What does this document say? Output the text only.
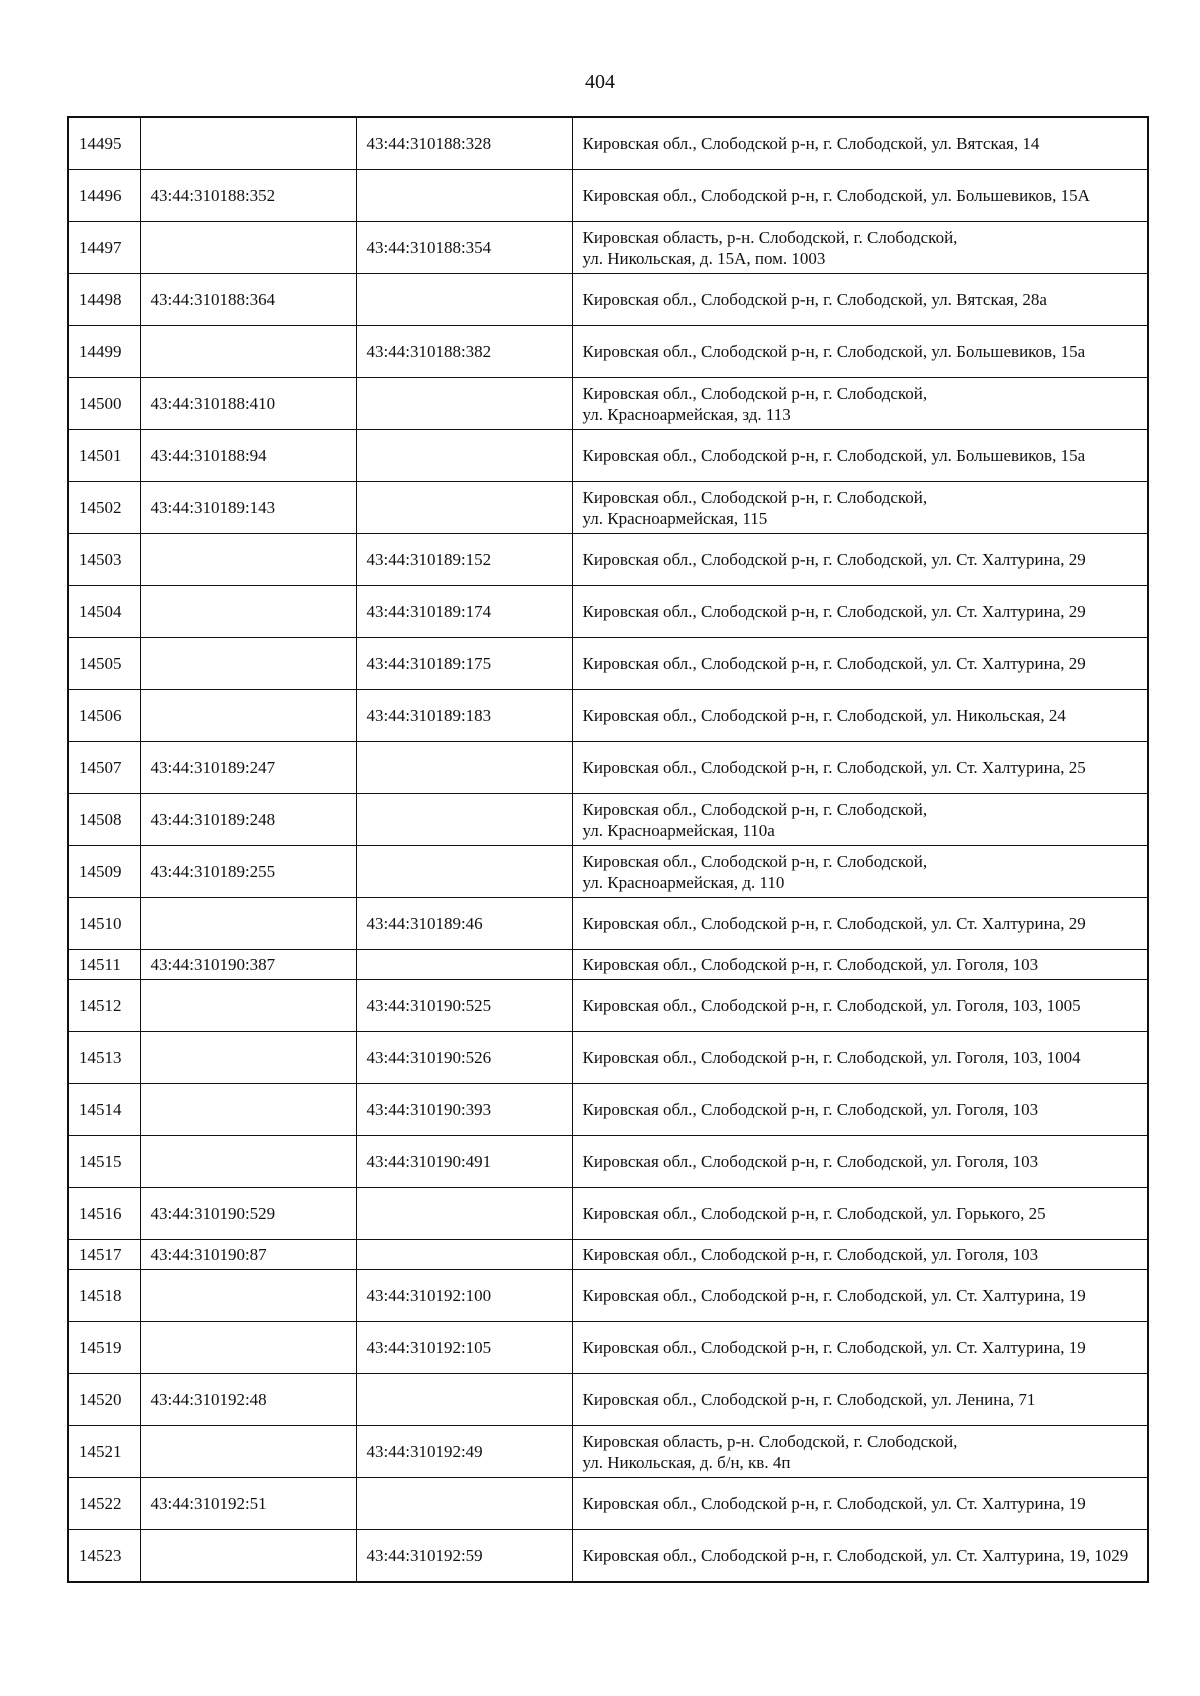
404
14495		43:44:310188:328	Кировская обл., Слободской р-н, г. Слободской, ул. Вятская, 14
14496	43:44:310188:352		Кировская обл., Слободской р-н, г. Слободской, ул. Большевиков, 15А
14497		43:44:310188:354	Кировская область, р-н. Слободской, г. Слободской,
ул. Никольская, д. 15А, пом. 1003
14498	43:44:310188:364		Кировская обл., Слободской р-н, г. Слободской, ул. Вятская, 28а
14499		43:44:310188:382	Кировская обл., Слободской р-н, г. Слободской, ул. Большевиков, 15а
14500	43:44:310188:410		Кировская обл., Слободской р-н, г. Слободской,
ул. Красноармейская, зд. 113
14501	43:44:310188:94		Кировская обл., Слободской р-н, г. Слободской, ул. Большевиков, 15а
14502	43:44:310189:143		Кировская обл., Слободской р-н, г. Слободской,
ул. Красноармейская, 115
14503		43:44:310189:152	Кировская обл., Слободской р-н, г. Слободской, ул. Ст. Халтурина, 29
14504		43:44:310189:174	Кировская обл., Слободской р-н, г. Слободской, ул. Ст. Халтурина, 29
14505		43:44:310189:175	Кировская обл., Слободской р-н, г. Слободской, ул. Ст. Халтурина, 29
14506		43:44:310189:183	Кировская обл., Слободской р-н, г. Слободской, ул. Никольская, 24
14507	43:44:310189:247		Кировская обл., Слободской р-н, г. Слободской, ул. Ст. Халтурина, 25
14508	43:44:310189:248		Кировская обл., Слободской р-н, г. Слободской,
ул. Красноармейская, 110а
14509	43:44:310189:255		Кировская обл., Слободской р-н, г. Слободской,
ул. Красноармейская, д. 110
14510		43:44:310189:46	Кировская обл., Слободской р-н, г. Слободской, ул. Ст. Халтурина, 29
14511	43:44:310190:387		Кировская обл., Слободской р-н, г. Слободской, ул. Гоголя, 103
14512		43:44:310190:525	Кировская обл., Слободской р-н, г. Слободской, ул. Гоголя, 103, 1005
14513		43:44:310190:526	Кировская обл., Слободской р-н, г. Слободской, ул. Гоголя, 103, 1004
14514		43:44:310190:393	Кировская обл., Слободской р-н, г. Слободской, ул. Гоголя, 103
14515		43:44:310190:491	Кировская обл., Слободской р-н, г. Слободской, ул. Гоголя, 103
14516	43:44:310190:529		Кировская обл., Слободской р-н, г. Слободской, ул. Горького, 25
14517	43:44:310190:87		Кировская обл., Слободской р-н, г. Слободской, ул. Гоголя, 103
14518		43:44:310192:100	Кировская обл., Слободской р-н, г. Слободской, ул. Ст. Халтурина, 19
14519		43:44:310192:105	Кировская обл., Слободской р-н, г. Слободской, ул. Ст. Халтурина, 19
14520	43:44:310192:48		Кировская обл., Слободской р-н, г. Слободской, ул. Ленина, 71
14521		43:44:310192:49	Кировская область, р-н. Слободской, г. Слободской,
ул. Никольская, д. б/н, кв. 4п
14522	43:44:310192:51		Кировская обл., Слободской р-н, г. Слободской, ул. Ст. Халтурина, 19
14523		43:44:310192:59	Кировская обл., Слободской р-н, г. Слободской, ул. Ст. Халтурина, 19, 1029
